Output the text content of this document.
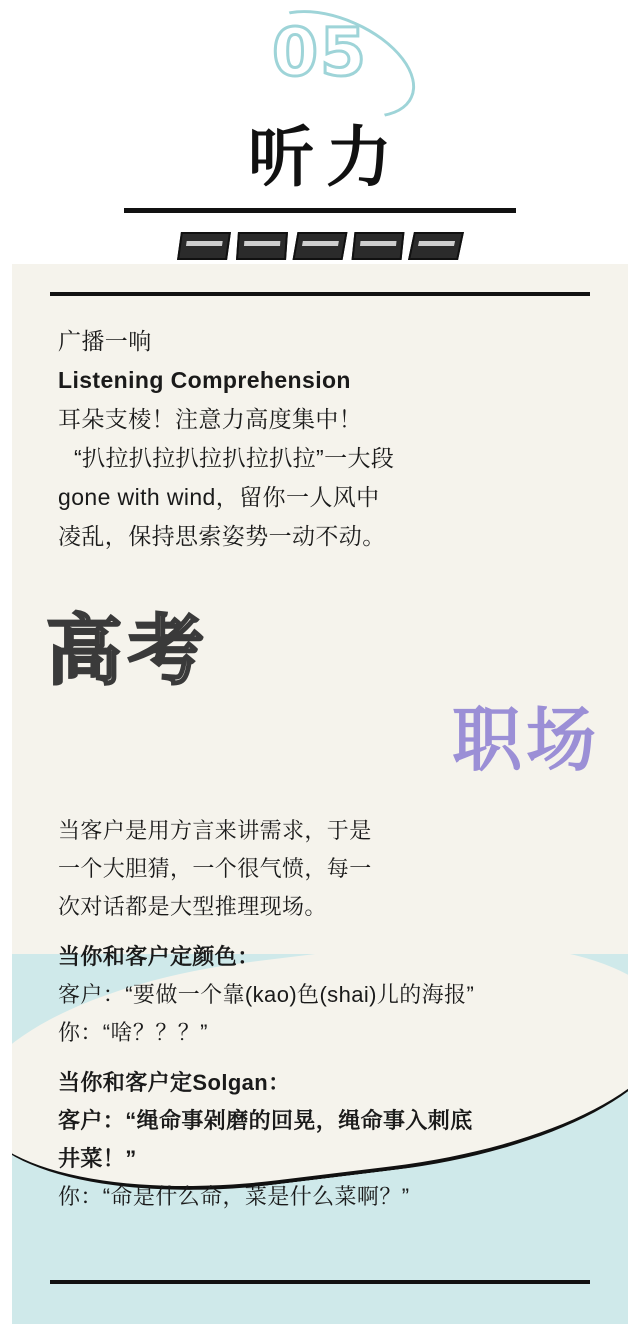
05
听力
广播一响
Listening Comprehension
耳朵支棱！注意力高度集中！
“扒拉扒拉扒拉扒拉扒拉”一大段
gone with wind，留你一人风中
凌乱，保持思索姿势一动不动。
高考
职场
当客户是用方言来讲需求，于是
一个大胆猜，一个很气愤，每一
次对话都是大型推理现场。
当你和客户定颜色：
客户：“要做一个靠(kao)色(shai)儿的海报”
你：“啥？？？”
当你和客户定Solgan：
客户：“绳命事剁磨的回晃，绳命事入刺底
井菜！”
你：“命是什么命，菜是什么菜啊？”
